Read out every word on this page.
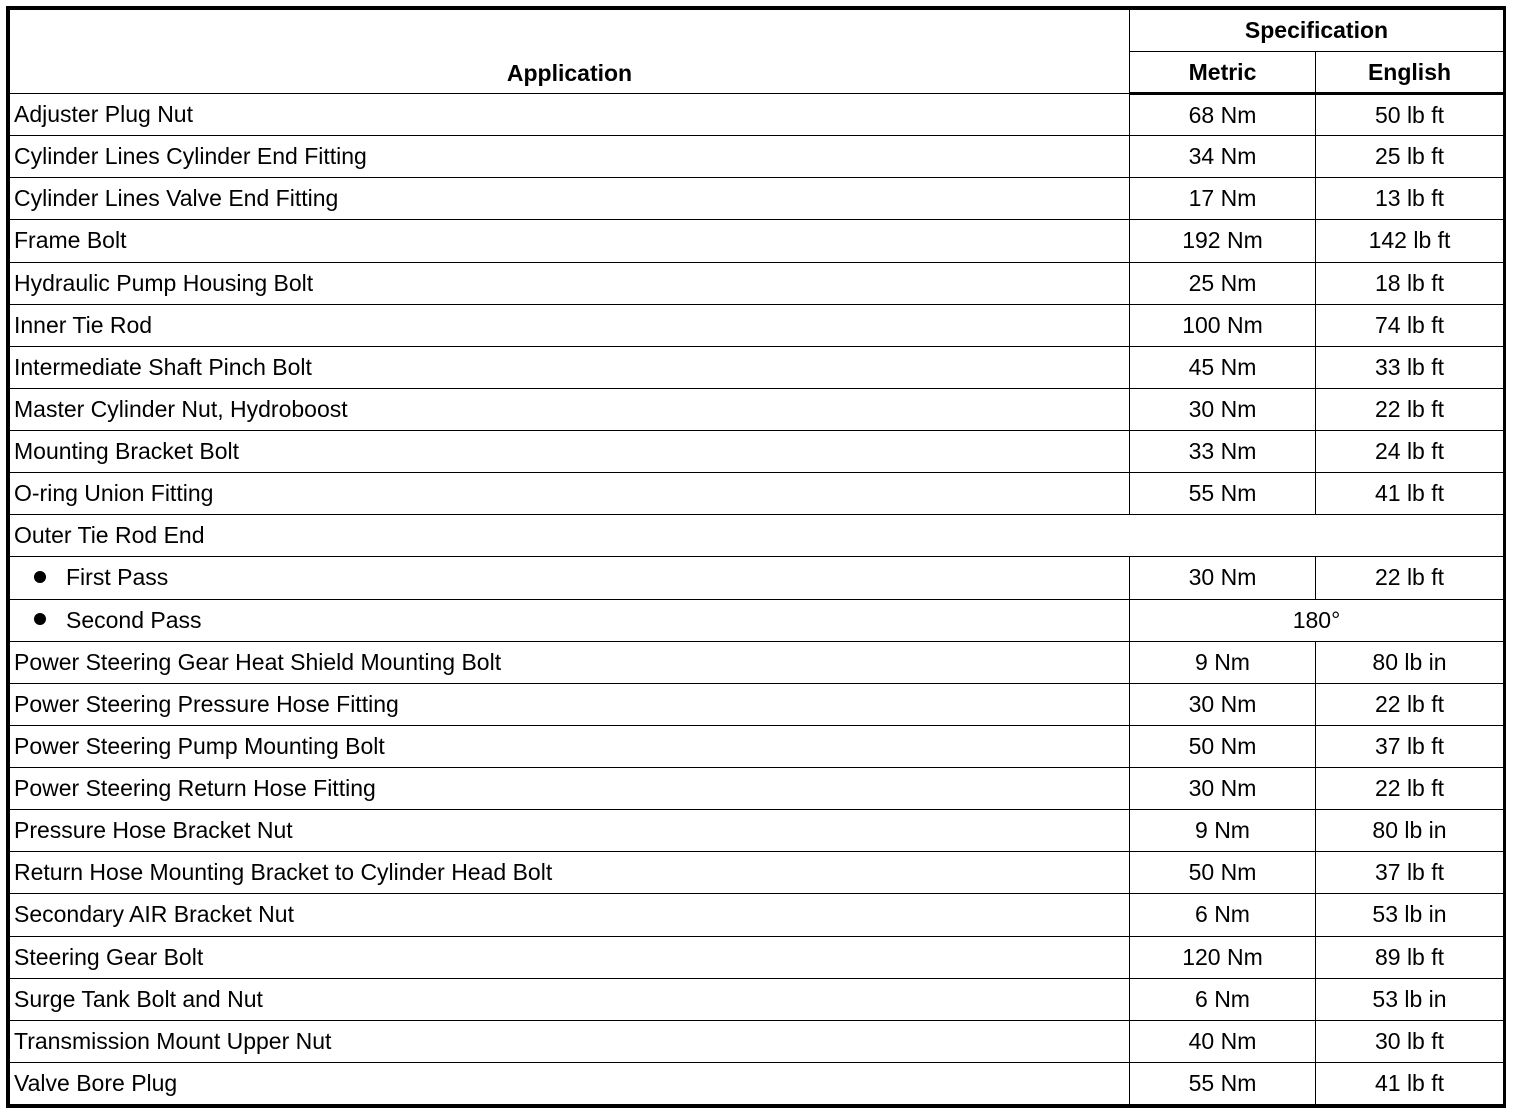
Application	Specification	
	Metric	English
Adjuster Plug Nut	68 Nm	50 lb ft
Cylinder Lines Cylinder End Fitting	34 Nm	25 lb ft
Cylinder Lines Valve End Fitting	17 Nm	13 lb ft
Frame Bolt	192 Nm	142 lb ft
Hydraulic Pump Housing Bolt	25 Nm	18 lb ft
Inner Tie Rod	100 Nm	74 lb ft
Intermediate Shaft Pinch Bolt	45 Nm	33 lb ft
Master Cylinder Nut, Hydroboost	30 Nm	22 lb ft
Mounting Bracket Bolt	33 Nm	24 lb ft
O-ring Union Fitting	55 Nm	41 lb ft
Outer Tie Rod End		
First Pass	30 Nm	22 lb ft
Second Pass	180°	
Power Steering Gear Heat Shield Mounting Bolt	9 Nm	80 lb in
Power Steering Pressure Hose Fitting	30 Nm	22 lb ft
Power Steering Pump Mounting Bolt	50 Nm	37 lb ft
Power Steering Return Hose Fitting	30 Nm	22 lb ft
Pressure Hose Bracket Nut	9 Nm	80 lb in
Return Hose Mounting Bracket to Cylinder Head Bolt	50 Nm	37 lb ft
Secondary AIR Bracket Nut	6 Nm	53 lb in
Steering Gear Bolt	120 Nm	89 lb ft
Surge Tank Bolt and Nut	6 Nm	53 lb in
Transmission Mount Upper Nut	40 Nm	30 lb ft
Valve Bore Plug	55 Nm	41 lb ft
